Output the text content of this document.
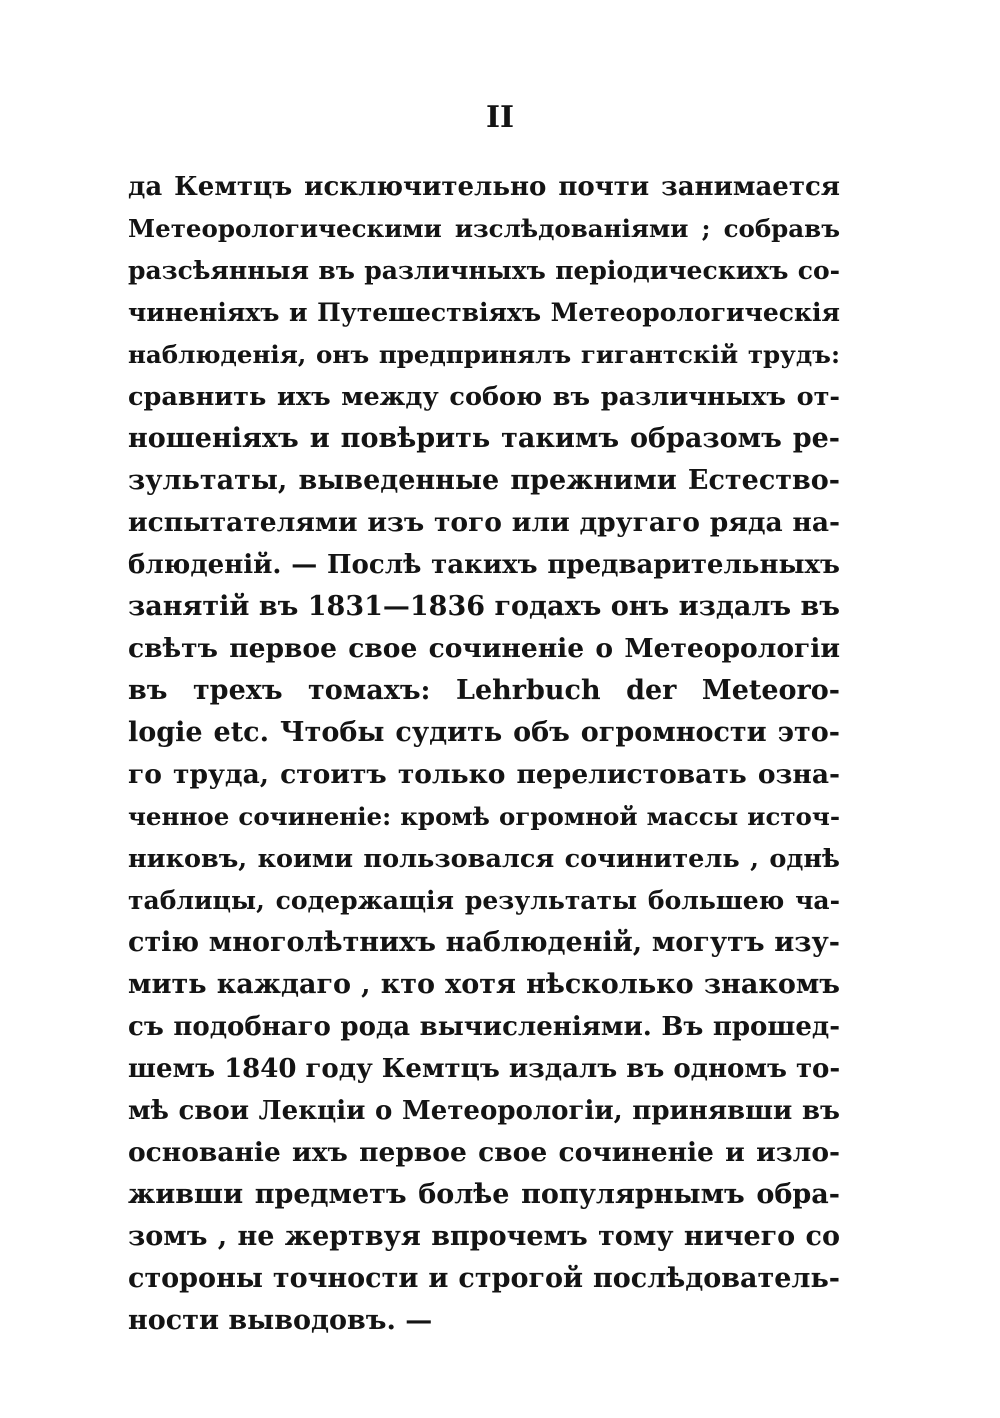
II
да Кемтцъ исключительно почти занимается
Метеорологическими изслѣдованіями ; собравъ
разсѣянныя въ различныхъ періодическихъ со-
чиненіяхъ и Путешествіяхъ Метеорологическія
наблюденія, онъ предпринялъ гигантскій трудъ:
сравнить ихъ между собою въ различныхъ от-
ношеніяхъ и повѣрить такимъ образомъ ре-
зультаты, выведенные прежними Естество-
испытателями изъ того или другаго ряда на-
блюденій. — Послѣ такихъ предварительныхъ
занятій въ 1831—1836 годахъ онъ издалъ въ
свѣтъ первое свое сочиненіе о Метеорологіи
въ трехъ томахъ: Lehrbuch der Meteoro-
logie etc. Чтобы судить объ огромности это-
го труда, стоитъ только перелистовать озна-
ченное сочиненіе: кромѣ огромной массы источ-
никовъ, коими пользовался сочинитель , однѣ
таблицы, содержащія результаты большею ча-
стію многолѣтнихъ наблюденій, могутъ изу-
мить каждаго , кто хотя нѣсколько знакомъ
съ подобнаго рода вычисленіями. Въ прошед-
шемъ 1840 году Кемтцъ издалъ въ одномъ то-
мѣ свои Лекціи о Метеорологіи, принявши въ
основаніе ихъ первое свое сочиненіе и изло-
живши предметъ болѣе популярнымъ обра-
зомъ , не жертвуя впрочемъ тому ничего со
стороны точности и строгой послѣдователь-
ности выводовъ. —
